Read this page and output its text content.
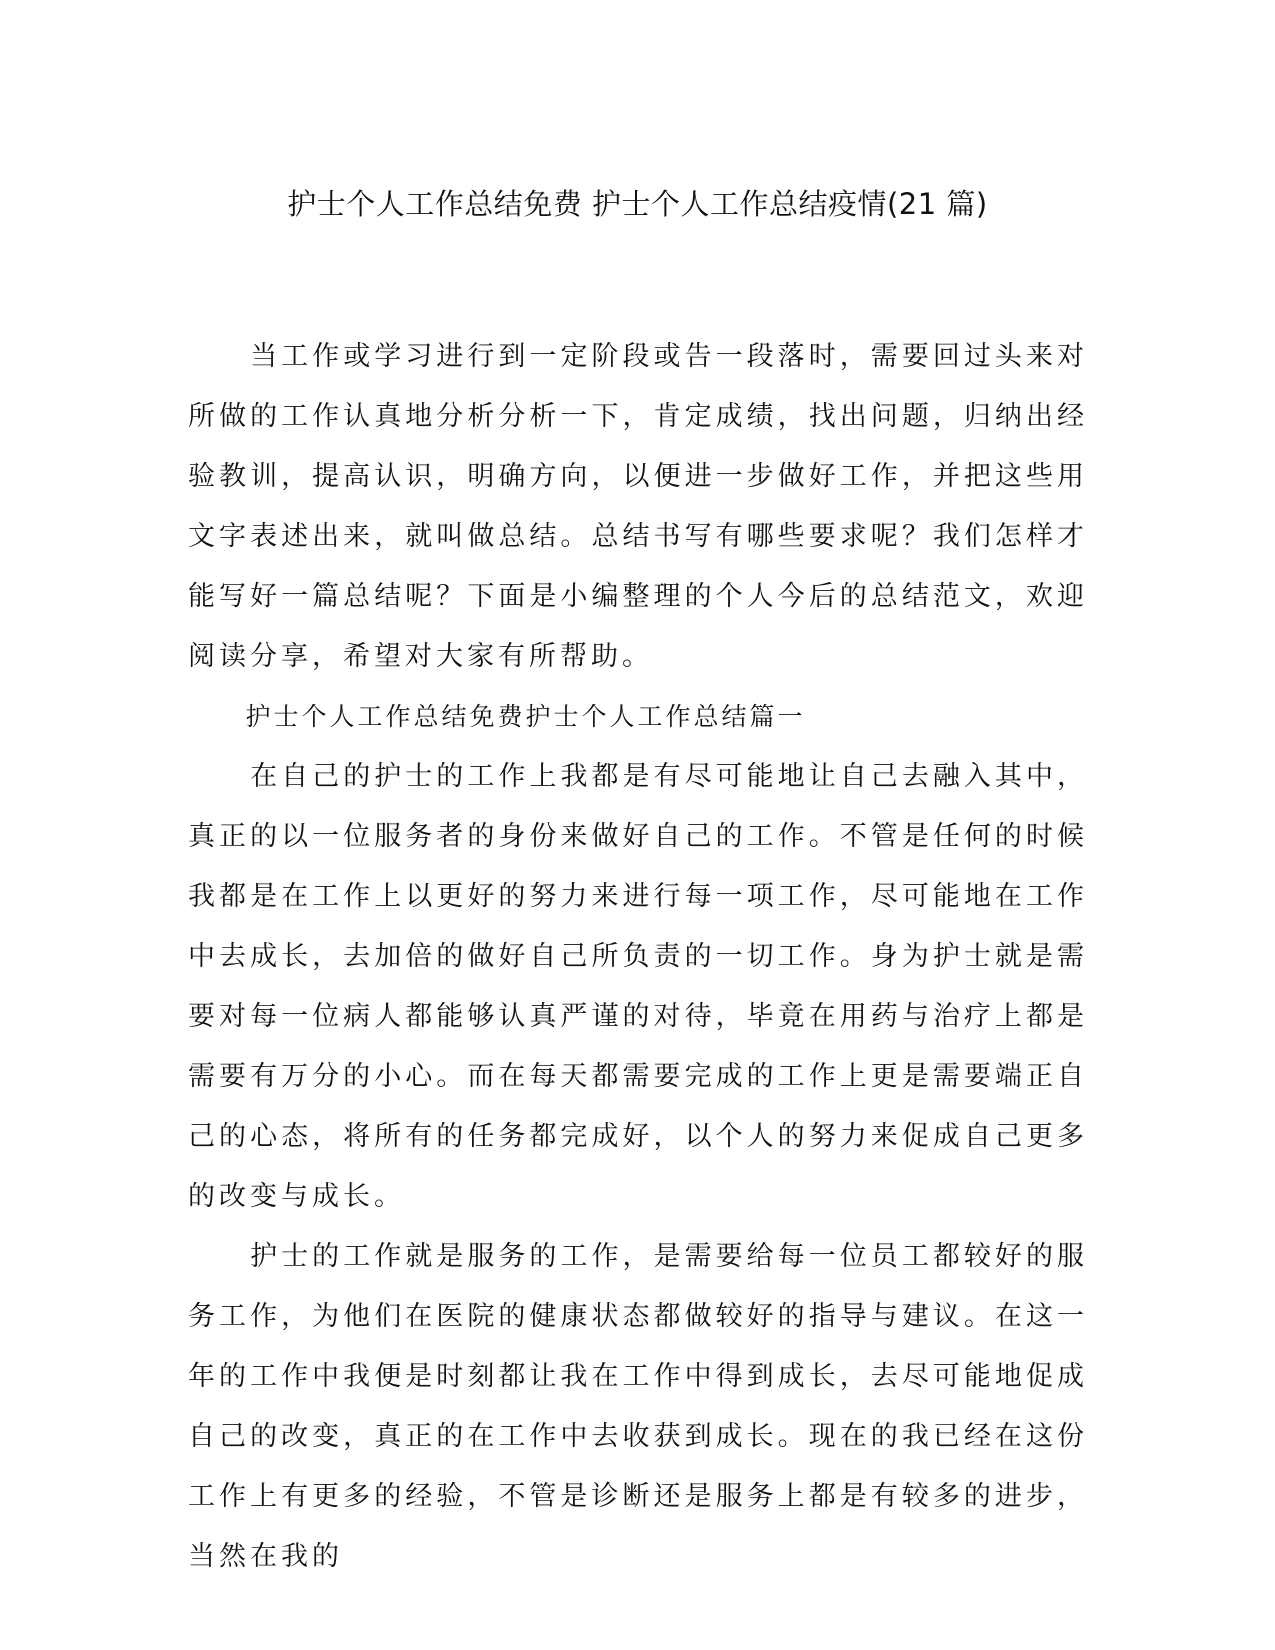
护士个人工作总结免费 护士个人工作总结疫情(21 篇)

当工作或学习进行到一定阶段或告一段落时，需要回过头来对所做的工作认真地分析分析一下，肯定成绩，找出问题，归纳出经验教训，提高认识，明确方向，以便进一步做好工作，并把这些用文字表述出来，就叫做总结。总结书写有哪些要求呢？我们怎样才能写好一篇总结呢？下面是小编整理的个人今后的总结范文，欢迎阅读分享，希望对大家有所帮助。

护士个人工作总结免费护士个人工作总结篇一

在自己的护士的工作上我都是有尽可能地让自己去融入其中，真正的以一位服务者的身份来做好自己的工作。不管是任何的时候我都是在工作上以更好的努力来进行每一项工作，尽可能地在工作中去成长，去加倍的做好自己所负责的一切工作。身为护士就是需要对每一位病人都能够认真严谨的对待，毕竟在用药与治疗上都是需要有万分的小心。而在每天都需要完成的工作上更是需要端正自己的心态，将所有的任务都完成好，以个人的努力来促成自己更多的改变与成长。

护士的工作就是服务的工作，是需要给每一位员工都较好的服务工作，为他们在医院的健康状态都做较好的指导与建议。在这一年的工作中我便是时刻都让我在工作中得到成长，去尽可能地促成自己的改变，真正的在工作中去收获到成长。现在的我已经在这份工作上有更多的经验，不管是诊断还是服务上都是有较多的进步，当然在我的
